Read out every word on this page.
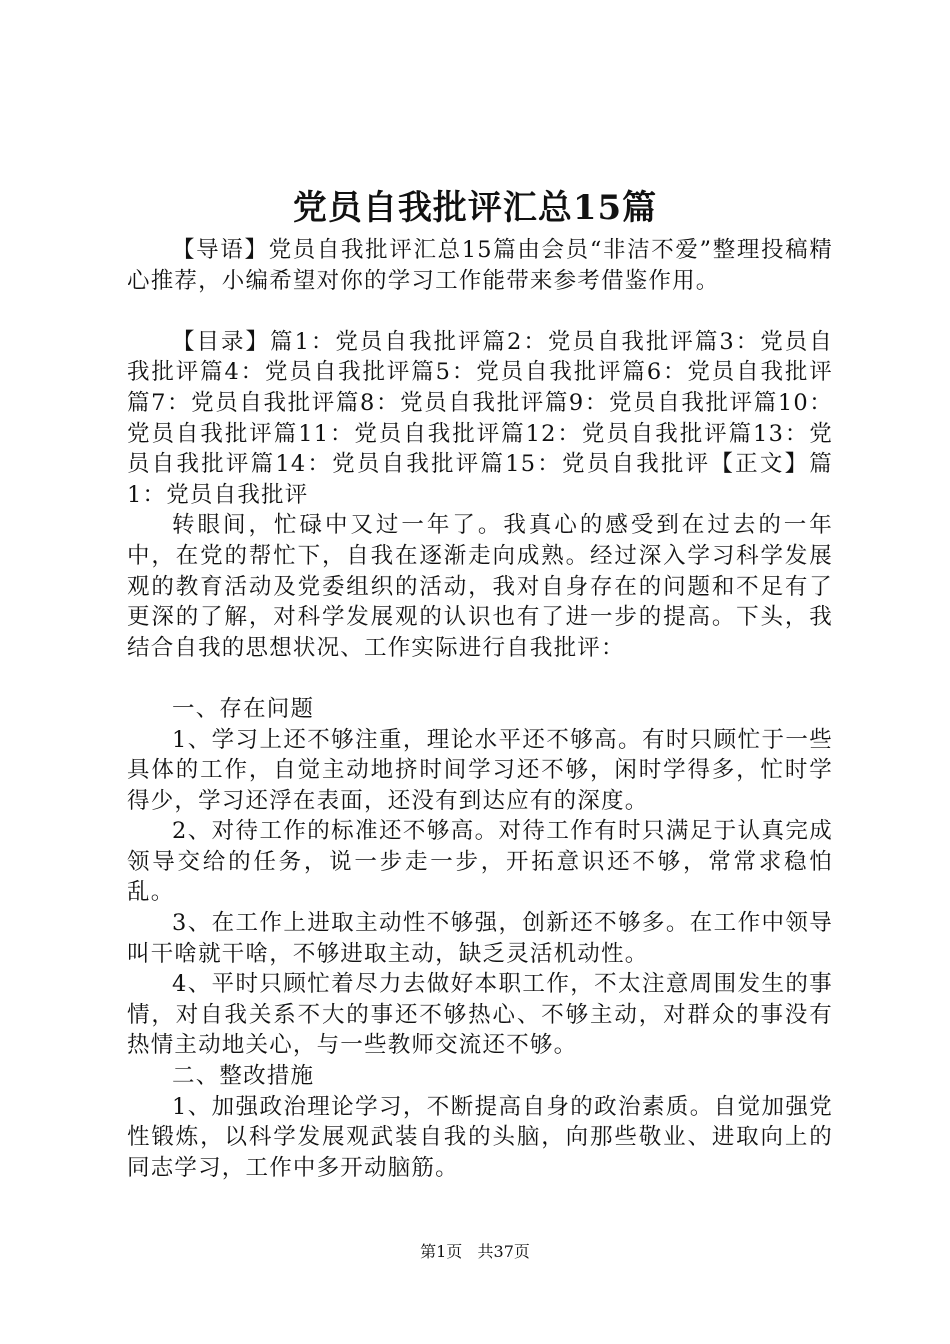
党员自我批评汇总15篇

【导语】党员自我批评汇总15篇由会员“非洁不爱”整理投稿精心推荐，小编希望对你的学习工作能带来参考借鉴作用。

【目录】篇1：党员自我批评篇2：党员自我批评篇3：党员自我批评篇4：党员自我批评篇5：党员自我批评篇6：党员自我批评篇7：党员自我批评篇8：党员自我批评篇9：党员自我批评篇10：党员自我批评篇11：党员自我批评篇12：党员自我批评篇13：党员自我批评篇14：党员自我批评篇15：党员自我批评【正文】篇1：党员自我批评

转眼间，忙碌中又过一年了。我真心的感受到在过去的一年中，在党的帮忙下，自我在逐渐走向成熟。经过深入学习科学发展观的教育活动及党委组织的活动，我对自身存在的问题和不足有了更深的了解，对科学发展观的认识也有了进一步的提高。下头，我结合自我的思想状况、工作实际进行自我批评：

一、存在问题

1、学习上还不够注重，理论水平还不够高。有时只顾忙于一些具体的工作，自觉主动地挤时间学习还不够，闲时学得多，忙时学得少，学习还浮在表面，还没有到达应有的深度。

2、对待工作的标准还不够高。对待工作有时只满足于认真完成领导交给的任务，说一步走一步，开拓意识还不够，常常求稳怕乱。

3、在工作上进取主动性不够强，创新还不够多。在工作中领导叫干啥就干啥，不够进取主动，缺乏灵活机动性。

4、平时只顾忙着尽力去做好本职工作，不太注意周围发生的事情，对自我关系不大的事还不够热心、不够主动，对群众的事没有热情主动地关心，与一些教师交流还不够。

二、整改措施

1、加强政治理论学习，不断提高自身的政治素质。自觉加强党性锻炼，以科学发展观武装自我的头脑，向那些敬业、进取向上的同志学习，工作中多开动脑筋。

第1页 共37页
